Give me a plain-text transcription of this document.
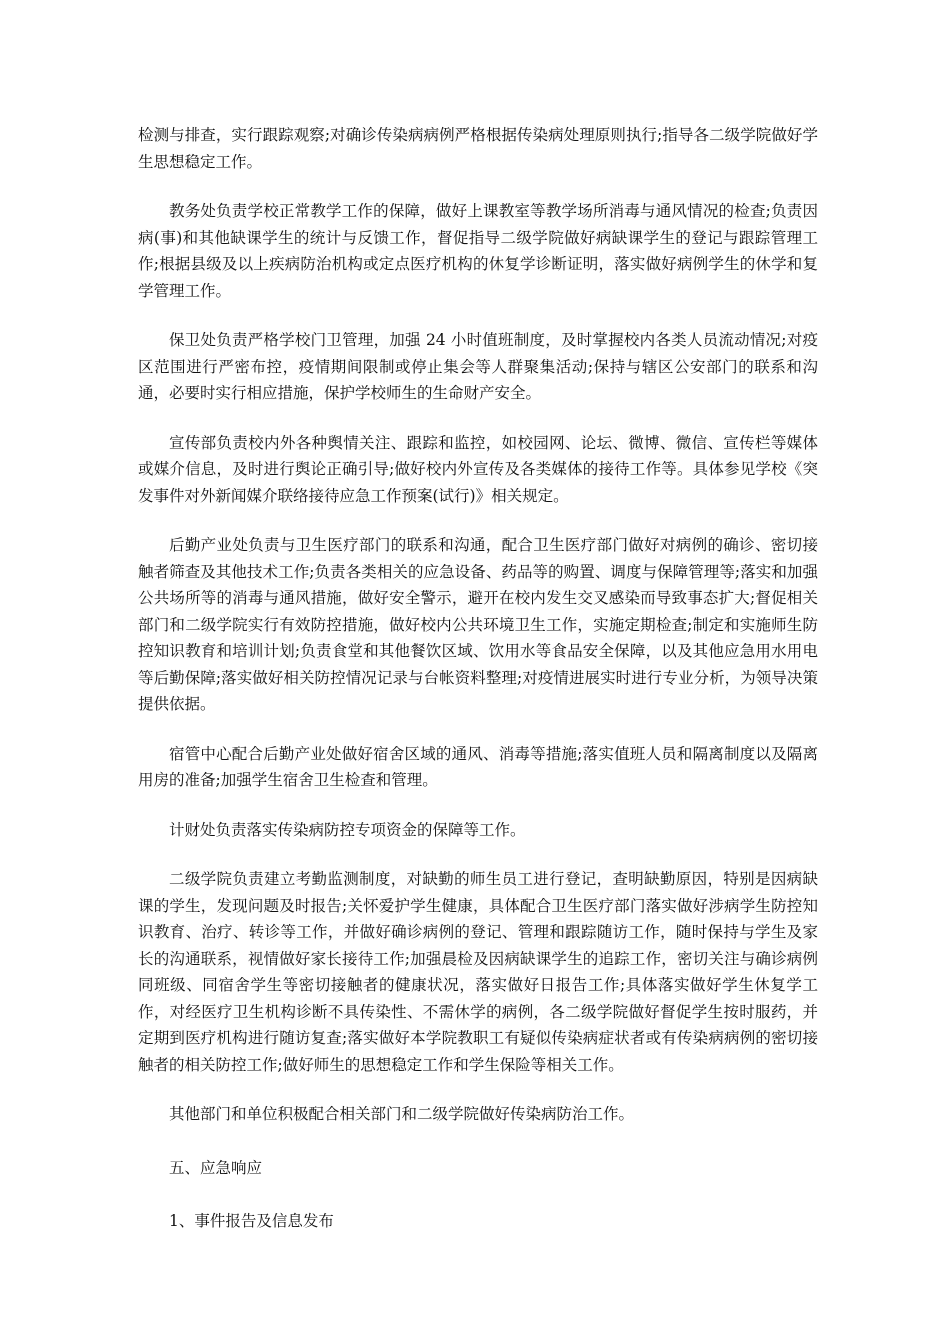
检测与排查，实行跟踪观察;对确诊传染病病例严格根据传染病处理原则执行;指导各二级学院做好学生思想稳定工作。

教务处负责学校正常教学工作的保障，做好上课教室等教学场所消毒与通风情况的检查;负责因病(事)和其他缺课学生的统计与反馈工作，督促指导二级学院做好病缺课学生的登记与跟踪管理工作;根据县级及以上疾病防治机构或定点医疗机构的休复学诊断证明，落实做好病例学生的休学和复学管理工作。

保卫处负责严格学校门卫管理，加强 24 小时值班制度，及时掌握校内各类人员流动情况;对疫区范围进行严密布控，疫情期间限制或停止集会等人群聚集活动;保持与辖区公安部门的联系和沟通，必要时实行相应措施，保护学校师生的生命财产安全。

宣传部负责校内外各种舆情关注、跟踪和监控，如校园网、论坛、微博、微信、宣传栏等媒体或媒介信息，及时进行舆论正确引导;做好校内外宣传及各类媒体的接待工作等。具体参见学校《突发事件对外新闻媒介联络接待应急工作预案(试行)》相关规定。

后勤产业处负责与卫生医疗部门的联系和沟通，配合卫生医疗部门做好对病例的确诊、密切接触者筛查及其他技术工作;负责各类相关的应急设备、药品等的购置、调度与保障管理等;落实和加强公共场所等的消毒与通风措施，做好安全警示，避开在校内发生交叉感染而导致事态扩大;督促相关部门和二级学院实行有效防控措施，做好校内公共环境卫生工作，实施定期检查;制定和实施师生防控知识教育和培训计划;负责食堂和其他餐饮区域、饮用水等食品安全保障，以及其他应急用水用电等后勤保障;落实做好相关防控情况记录与台帐资料整理;对疫情进展实时进行专业分析，为领导决策提供依据。

宿管中心配合后勤产业处做好宿舍区域的通风、消毒等措施;落实值班人员和隔离制度以及隔离用房的准备;加强学生宿舍卫生检查和管理。

计财处负责落实传染病防控专项资金的保障等工作。

二级学院负责建立考勤监测制度，对缺勤的师生员工进行登记，查明缺勤原因，特别是因病缺课的学生，发现问题及时报告;关怀爱护学生健康，具体配合卫生医疗部门落实做好涉病学生防控知识教育、治疗、转诊等工作，并做好确诊病例的登记、管理和跟踪随访工作，随时保持与学生及家长的沟通联系，视情做好家长接待工作;加强晨检及因病缺课学生的追踪工作，密切关注与确诊病例同班级、同宿舍学生等密切接触者的健康状况，落实做好日报告工作;具体落实做好学生休复学工作，对经医疗卫生机构诊断不具传染性、不需休学的病例，各二级学院做好督促学生按时服药，并定期到医疗机构进行随访复查;落实做好本学院教职工有疑似传染病症状者或有传染病病例的密切接触者的相关防控工作;做好师生的思想稳定工作和学生保险等相关工作。

其他部门和单位积极配合相关部门和二级学院做好传染病防治工作。

五、应急响应

1、事件报告及信息发布
